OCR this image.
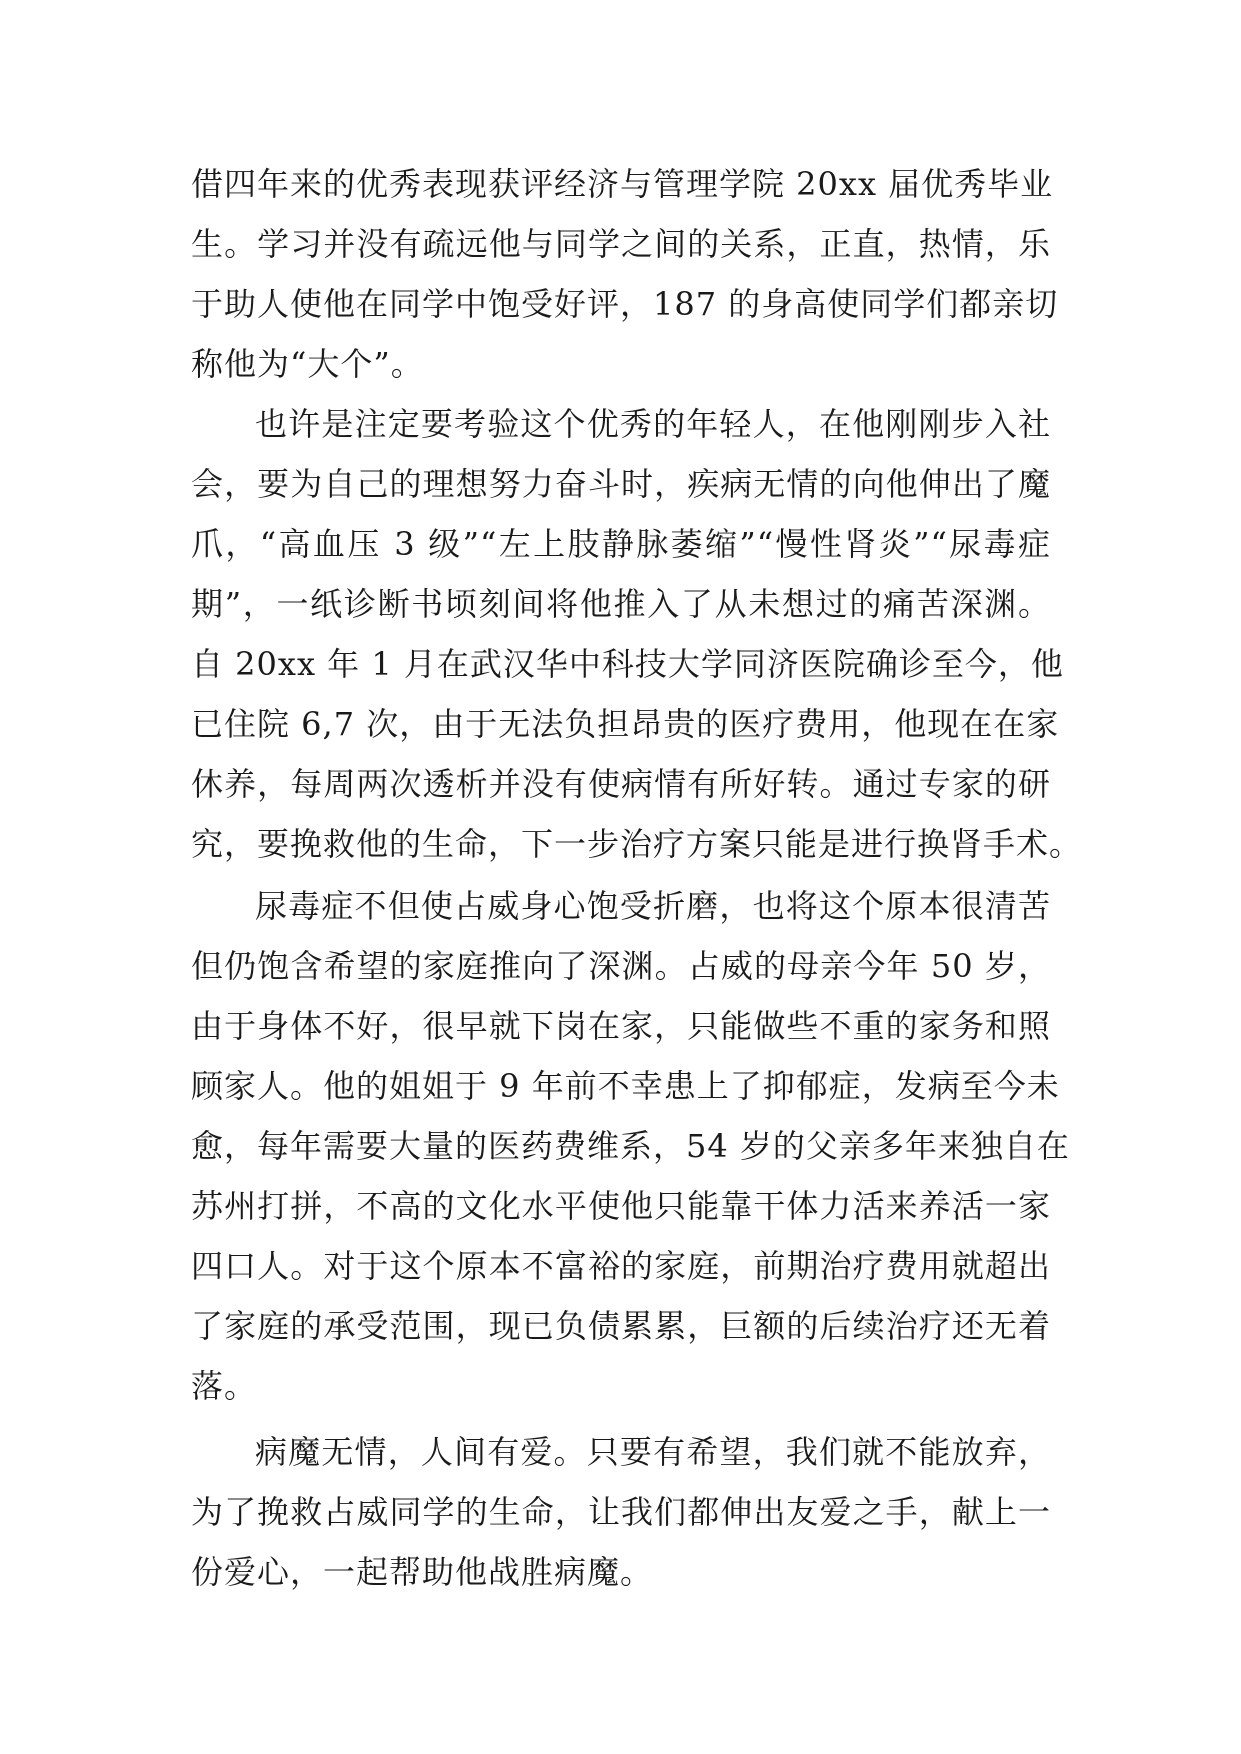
借四年来的优秀表现获评经济与管理学院 20xx 届优秀毕业
生。学习并没有疏远他与同学之间的关系，正直，热情，乐
于助人使他在同学中饱受好评，187 的身高使同学们都亲切
称他为“大个”。
也许是注定要考验这个优秀的年轻人，在他刚刚步入社
会，要为自己的理想努力奋斗时，疾病无情的向他伸出了魔
爪，“高血压 3 级”“左上肢静脉萎缩”“慢性肾炎”“尿毒症
期”，一纸诊断书顷刻间将他推入了从未想过的痛苦深渊。
自 20xx 年 1 月在武汉华中科技大学同济医院确诊至今，他
已住院 6,7 次，由于无法负担昂贵的医疗费用，他现在在家
休养，每周两次透析并没有使病情有所好转。通过专家的研
究，要挽救他的生命，下一步治疗方案只能是进行换肾手术。
尿毒症不但使占威身心饱受折磨，也将这个原本很清苦
但仍饱含希望的家庭推向了深渊。占威的母亲今年 50 岁，
由于身体不好，很早就下岗在家，只能做些不重的家务和照
顾家人。他的姐姐于 9 年前不幸患上了抑郁症，发病至今未
愈，每年需要大量的医药费维系，54 岁的父亲多年来独自在
苏州打拼，不高的文化水平使他只能靠干体力活来养活一家
四口人。对于这个原本不富裕的家庭，前期治疗费用就超出
了家庭的承受范围，现已负债累累，巨额的后续治疗还无着
落。
病魔无情，人间有爱。只要有希望，我们就不能放弃，
为了挽救占威同学的生命，让我们都伸出友爱之手，献上一
份爱心，一起帮助他战胜病魔。
